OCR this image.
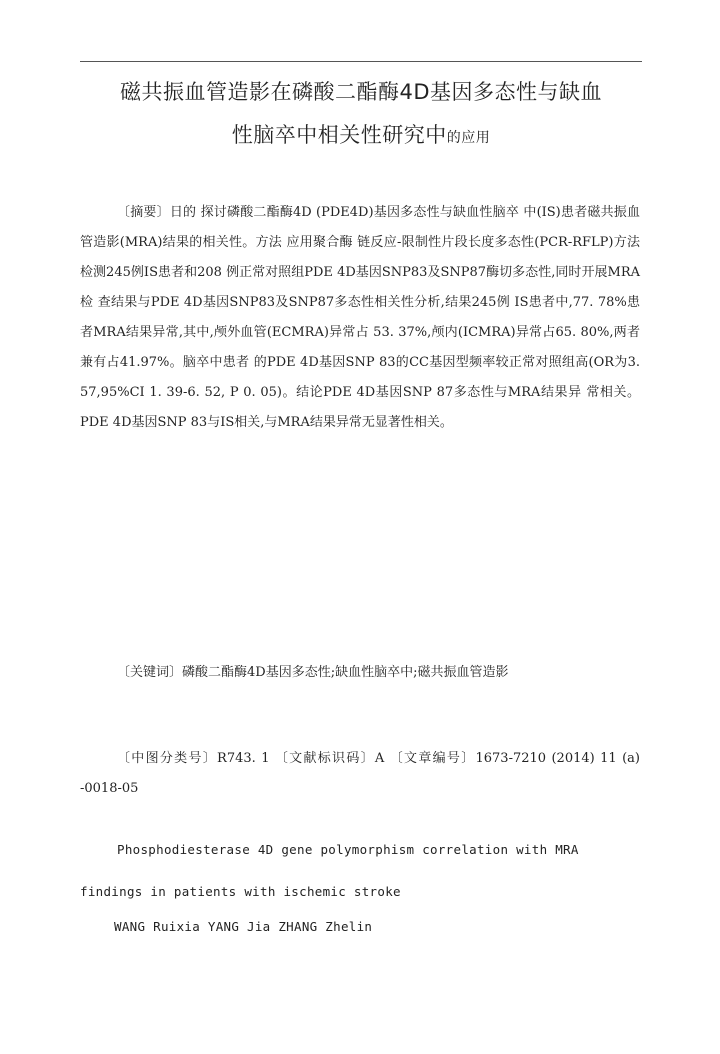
磁共振血管造影在磷酸二酯酶4D基因多态性与缺血
性脑卒中相关性研究中的应用
〔摘要〕日的 探讨磷酸二酯酶4D (PDE4D)基因多态性与缺血性脑卒 中(IS)患者磁共振血管造影(MRA)结果的相关性。方法 应用聚合酶 链反应-限制性片段长度多态性(PCR-RFLP)方法检测245例IS患者和208 例正常对照组PDE 4D基因SNP83及SNP87酶切多态性,同时开展MRA检 查结果与PDE 4D基因SNP83及SNP87多态性相关性分析,结果245例 IS患者中,77. 78%患者MRA结果异常,其中,颅外血管(ECMRA)异常占 53. 37%,颅内(ICMRA)异常占65. 80%,两者兼有占41.97%。脑卒中患者 的PDE 4D基因SNP 83的CC基因型频率较正常对照组高(OR为3. 57,95%CI 1. 39-6. 52, P 0. 05)。结论PDE 4D基因SNP 87多态性与MRA结果异 常相关。PDE 4D基因SNP 83与IS相关,与MRA结果异常无显著性相关。
〔关键词〕磷酸二酯酶4D基因多态性;缺血性脑卒中;磁共振血管造影
〔中图分类号〕R743. 1 〔文献标识码〕A 〔文章编号〕1673-7210 (2014) 11 (a) -0018-05
Phosphodiesterase 4D gene polymorphism correlation with MRA findings in patients with ischemic stroke
WANG Ruixia YANG Jia ZHANG Zhelin
